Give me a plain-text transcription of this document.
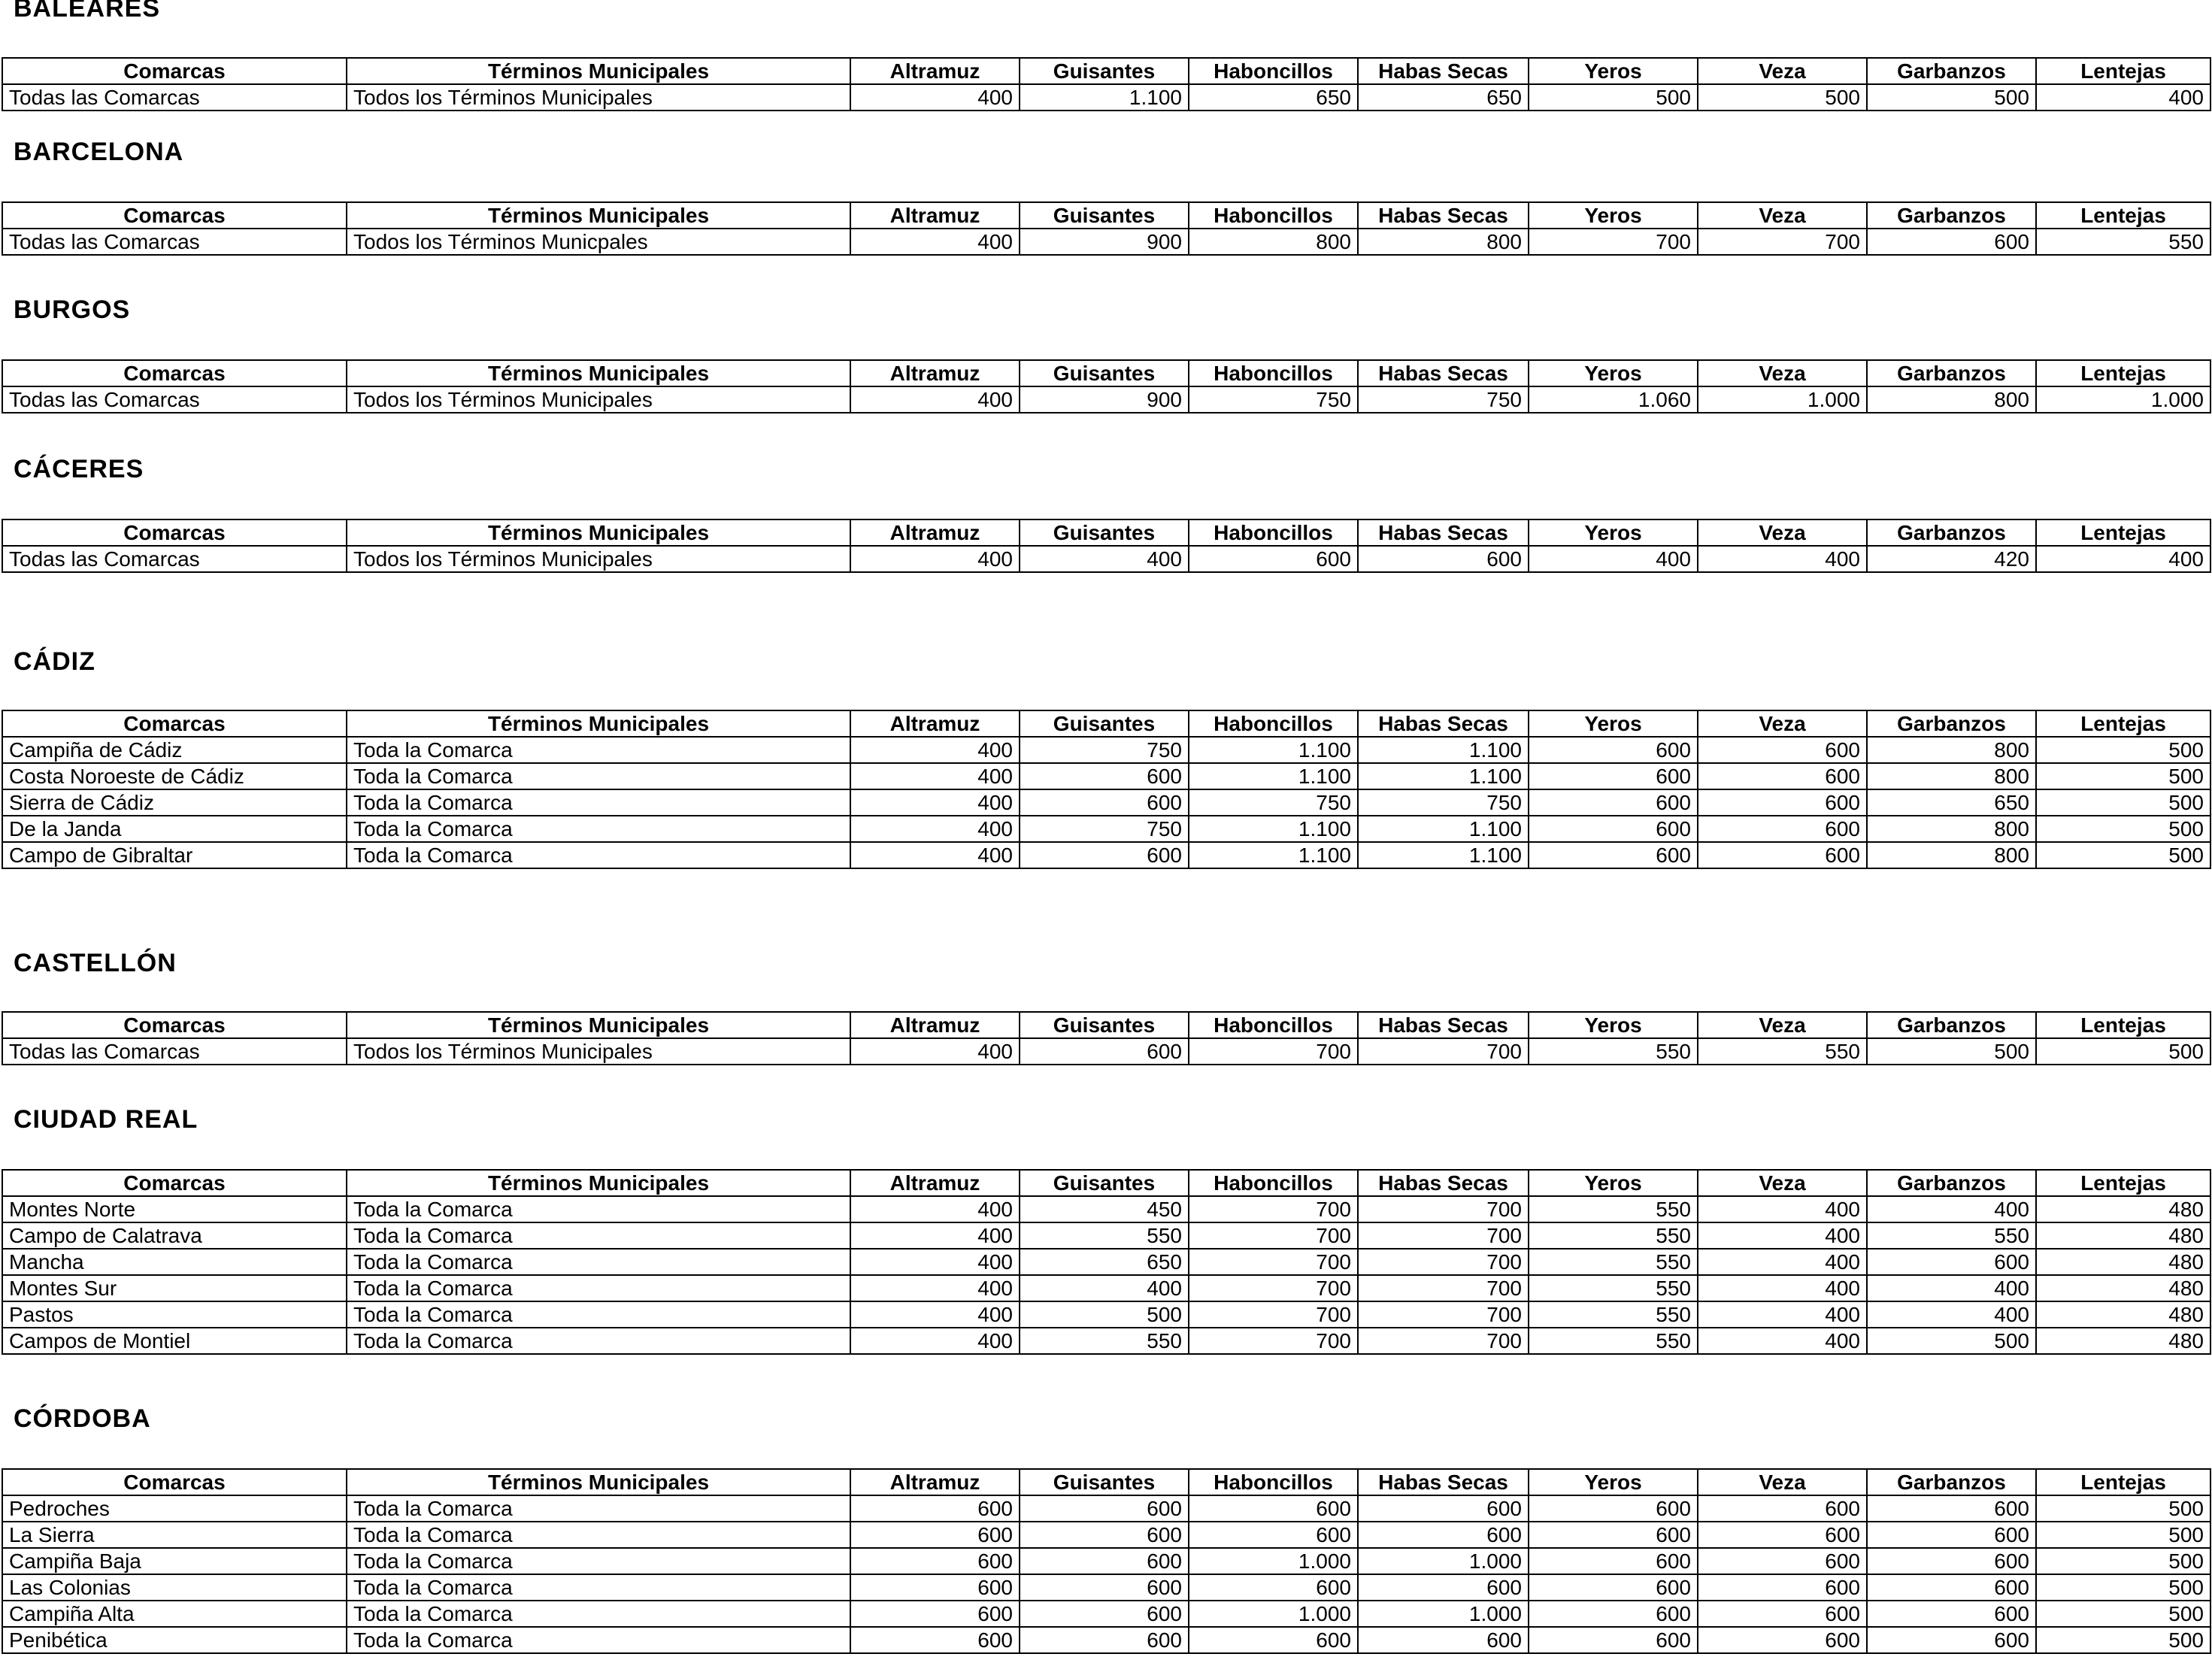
BALEARES
Comarcas	Términos Municipales	Altramuz	Guisantes	Haboncillos	Habas Secas	Yeros	Veza	Garbanzos	Lentejas
Todas las Comarcas	Todos los Términos Municipales	400	1.100	650	650	500	500	500	400
BARCELONA
Comarcas	Términos Municipales	Altramuz	Guisantes	Haboncillos	Habas Secas	Yeros	Veza	Garbanzos	Lentejas
Todas las Comarcas	Todos los Términos Municpales	400	900	800	800	700	700	600	550
BURGOS
Comarcas	Términos Municipales	Altramuz	Guisantes	Haboncillos	Habas Secas	Yeros	Veza	Garbanzos	Lentejas
Todas las Comarcas	Todos los Términos Municipales	400	900	750	750	1.060	1.000	800	1.000
CÁCERES
Comarcas	Términos Municipales	Altramuz	Guisantes	Haboncillos	Habas Secas	Yeros	Veza	Garbanzos	Lentejas
Todas las Comarcas	Todos los Términos Municipales	400	400	600	600	400	400	420	400
CÁDIZ
Comarcas	Términos Municipales	Altramuz	Guisantes	Haboncillos	Habas Secas	Yeros	Veza	Garbanzos	Lentejas
Campiña de Cádiz	Toda la Comarca	400	750	1.100	1.100	600	600	800	500
Costa Noroeste de Cádiz	Toda la Comarca	400	600	1.100	1.100	600	600	800	500
Sierra de Cádiz	Toda la Comarca	400	600	750	750	600	600	650	500
De la Janda	Toda la Comarca	400	750	1.100	1.100	600	600	800	500
Campo de Gibraltar	Toda la Comarca	400	600	1.100	1.100	600	600	800	500
CASTELLÓN
Comarcas	Términos Municipales	Altramuz	Guisantes	Haboncillos	Habas Secas	Yeros	Veza	Garbanzos	Lentejas
Todas las Comarcas	Todos los Términos Municipales	400	600	700	700	550	550	500	500
CIUDAD REAL
Comarcas	Términos Municipales	Altramuz	Guisantes	Haboncillos	Habas Secas	Yeros	Veza	Garbanzos	Lentejas
Montes Norte	Toda la Comarca	400	450	700	700	550	400	400	480
Campo de Calatrava	Toda la Comarca	400	550	700	700	550	400	550	480
Mancha	Toda la Comarca	400	650	700	700	550	400	600	480
Montes Sur	Toda la Comarca	400	400	700	700	550	400	400	480
Pastos	Toda la Comarca	400	500	700	700	550	400	400	480
Campos de Montiel	Toda la Comarca	400	550	700	700	550	400	500	480
CÓRDOBA
Comarcas	Términos Municipales	Altramuz	Guisantes	Haboncillos	Habas Secas	Yeros	Veza	Garbanzos	Lentejas
Pedroches	Toda la Comarca	600	600	600	600	600	600	600	500
La Sierra	Toda la Comarca	600	600	600	600	600	600	600	500
Campiña Baja	Toda la Comarca	600	600	1.000	1.000	600	600	600	500
Las Colonias	Toda la Comarca	600	600	600	600	600	600	600	500
Campiña Alta	Toda la Comarca	600	600	1.000	1.000	600	600	600	500
Penibética	Toda la Comarca	600	600	600	600	600	600	600	500
